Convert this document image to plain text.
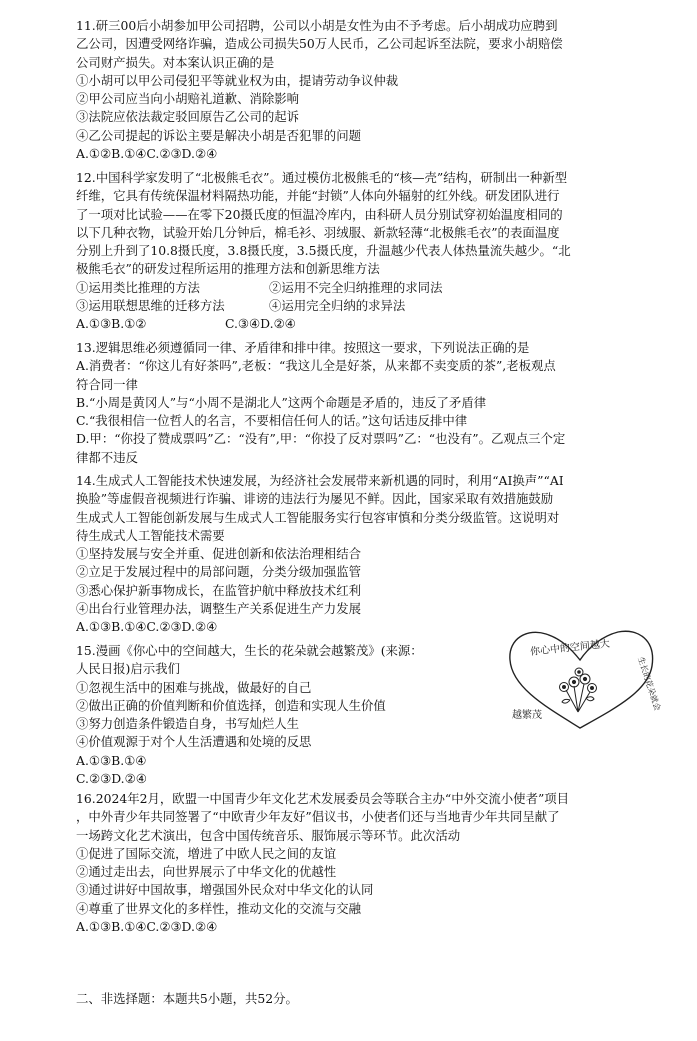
11.研三00后小胡参加甲公司招聘，公司以小胡是女性为由不予考虑。后小胡成功应聘到
乙公司，因遭受网络诈骗，造成公司损失50万人民币，乙公司起诉至法院，要求小胡赔偿
公司财产损失。对本案认识正确的是
①小胡可以甲公司侵犯平等就业权为由，提请劳动争议仲裁
②甲公司应当向小胡赔礼道歉、消除影响
③法院应依法裁定驳回原告乙公司的起诉
④乙公司提起的诉讼主要是解决小胡是否犯罪的问题
A.①②B.①④C.②③D.②④
12.中国科学家发明了“北极熊毛衣”。通过模仿北极熊毛的“核—壳”结构，研制出一种新型
纤维，它具有传统保温材料隔热功能，并能“封锁”人体向外辐射的红外线。研发团队进行
了一项对比试验——在零下20摄氏度的恒温冷库内，由科研人员分别试穿初始温度相同的
以下几种衣物，试验开始几分钟后，棉毛衫、羽绒服、新款轻薄“北极熊毛衣”的表面温度
分别上升到了10.8摄氏度，3.8摄氏度，3.5摄氏度，升温越少代表人体热量流失越少。“北
极熊毛衣”的研发过程所运用的推理方法和创新思维方法
①运用类比推理的方法	②运用不完全归纳推理的求同法
③运用联想思维的迁移方法	④运用完全归纳的求异法
A.①③B.①②	C.③④D.②④
13.逻辑思维必须遵循同一律、矛盾律和排中律。按照这一要求，下列说法正确的是
A.消费者：“你这儿有好茶吗”,老板：“我这儿全是好茶，从来都不卖变质的茶”,老板观点
符合同一律
B.“小周是黄冈人”与“小周不是湖北人”这两个命题是矛盾的，违反了矛盾律
C.“我很相信一位哲人的名言，不要相信任何人的话。”这句话违反排中律
D.甲：“你投了赞成票吗”乙：“没有”,甲：“你投了反对票吗”乙：“也没有”。乙观点三个定
律都不违反
14.生成式人工智能技术快速发展，为经济社会发展带来新机遇的同时，利用“AI换声”“AI
换脸”等虚假音视频进行诈骗、诽谤的违法行为屡见不鲜。因此，国家采取有效措施鼓励
生成式人工智能创新发展与生成式人工智能服务实行包容审慎和分类分级监管。这说明对
待生成式人工智能技术需要
①坚持发展与安全并重、促进创新和依法治理相结合
②立足于发展过程中的局部问题，分类分级加强监管
③悉心保护新事物成长，在监管护航中释放技术红利
④出台行业管理办法，调整生产关系促进生产力发展
A.①③B.①④C.②③D.②④
15.漫画《你心中的空间越大，生长的花朵就会越繁茂》(来源：
人民日报)启示我们
①忽视生活中的困难与挑战，做最好的自己
②做出正确的价值判断和价值选择，创造和实现人生价值
③努力创造条件锻造自身，书写灿烂人生
④价值观源于对个人生活遭遇和处境的反思
A.①③B.①④
C.②③D.②④
你心中的空间越大
生长的花朵就会
越繁茂
16.2024年2月，欧盟一中国青少年文化艺术发展委员会等联合主办“中外交流小使者”项目
，中外青少年共同签署了“中欧青少年友好”倡议书，小使者们还与当地青少年共同呈献了
一场跨文化艺术演出，包含中国传统音乐、服饰展示等环节。此次活动
①促进了国际交流，增进了中欧人民之间的友谊
②通过走出去，向世界展示了中华文化的优越性
③通过讲好中国故事，增强国外民众对中华文化的认同
④尊重了世界文化的多样性，推动文化的交流与交融
A.①③B.①④C.②③D.②④
二、非选择题：本题共5小题，共52分。
